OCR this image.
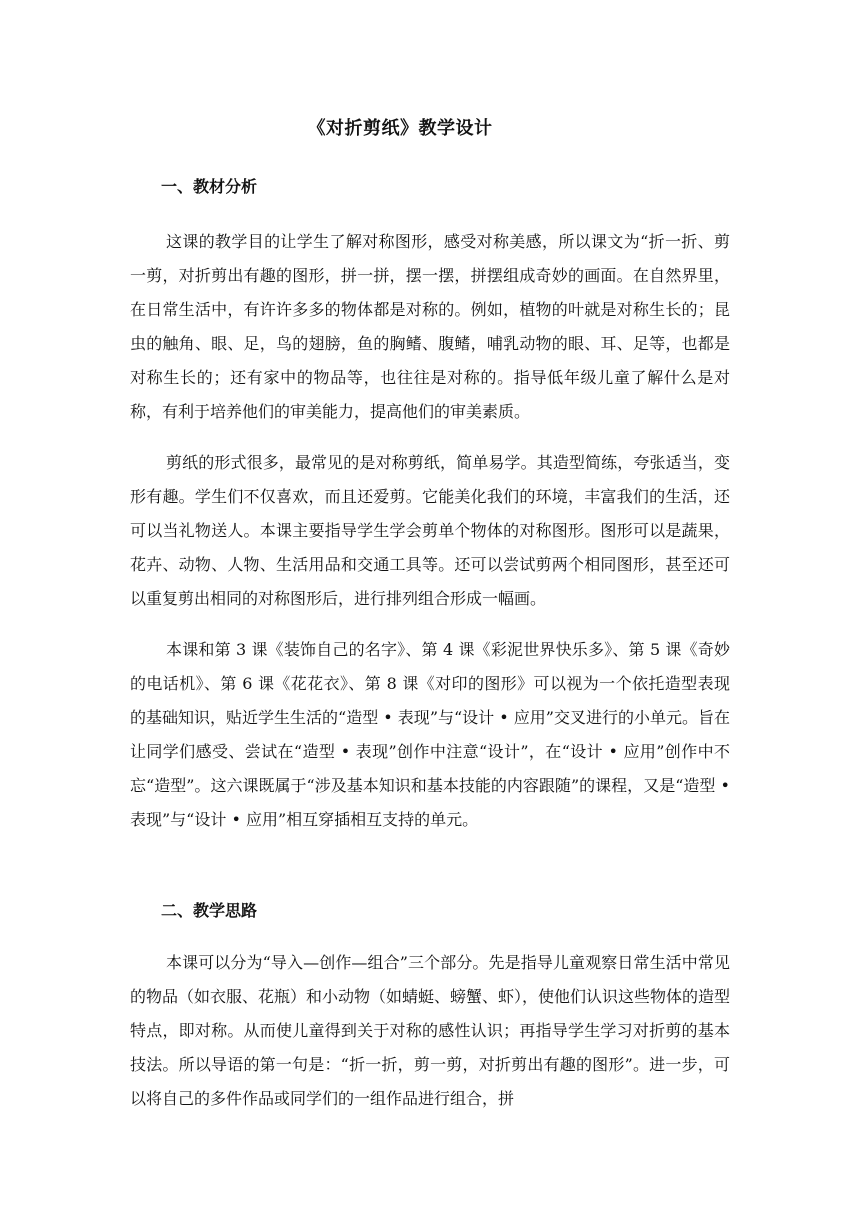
《对折剪纸》教学设计
一、教材分析

这课的教学目的让学生了解对称图形，感受对称美感，所以课文为“折一折、剪一剪，对折剪出有趣的图形，拼一拼，摆一摆，拼摆组成奇妙的画面。在自然界里，在日常生活中，有许许多多的物体都是对称的。例如，植物的叶就是对称生长的；昆虫的触角、眼、足，鸟的翅膀，鱼的胸鳍、腹鳍，哺乳动物的眼、耳、足等，也都是对称生长的；还有家中的物品等，也往往是对称的。指导低年级儿童了解什么是对称，有利于培养他们的审美能力，提高他们的审美素质。

剪纸的形式很多，最常见的是对称剪纸，简单易学。其造型简练，夸张适当，变形有趣。学生们不仅喜欢，而且还爱剪。它能美化我们的环境，丰富我们的生活，还可以当礼物送人。本课主要指导学生学会剪单个物体的对称图形。图形可以是蔬果，花卉、动物、人物、生活用品和交通工具等。还可以尝试剪两个相同图形，甚至还可以重复剪出相同的对称图形后，进行排列组合形成一幅画。

本课和第 3 课《装饰自己的名字》、第 4 课《彩泥世界快乐多》、第 5 课《奇妙的电话机》、第 6 课《花花衣》、第 8 课《对印的图形》可以视为一个依托造型表现的基础知识，贴近学生生活的“造型 • 表现”与“设计 • 应用”交叉进行的小单元。旨在让同学们感受、尝试在“造型 • 表现”创作中注意“设计”，在“设计 • 应用”创作中不忘“造型”。这六课既属于“涉及基本知识和基本技能的内容跟随”的课程，又是“造型 • 表现”与“设计 • 应用”相互穿插相互支持的单元。

二、教学思路

本课可以分为“导入—创作—组合”三个部分。先是指导儿童观察日常生活中常见的物品（如衣服、花瓶）和小动物（如蜻蜓、螃蟹、虾），使他们认识这些物体的造型特点，即对称。从而使儿童得到关于对称的感性认识；再指导学生学习对折剪的基本技法。所以导语的第一句是：“折一折，剪一剪，对折剪出有趣的图形”。进一步，可以将自己的多件作品或同学们的一组作品进行组合，拼
